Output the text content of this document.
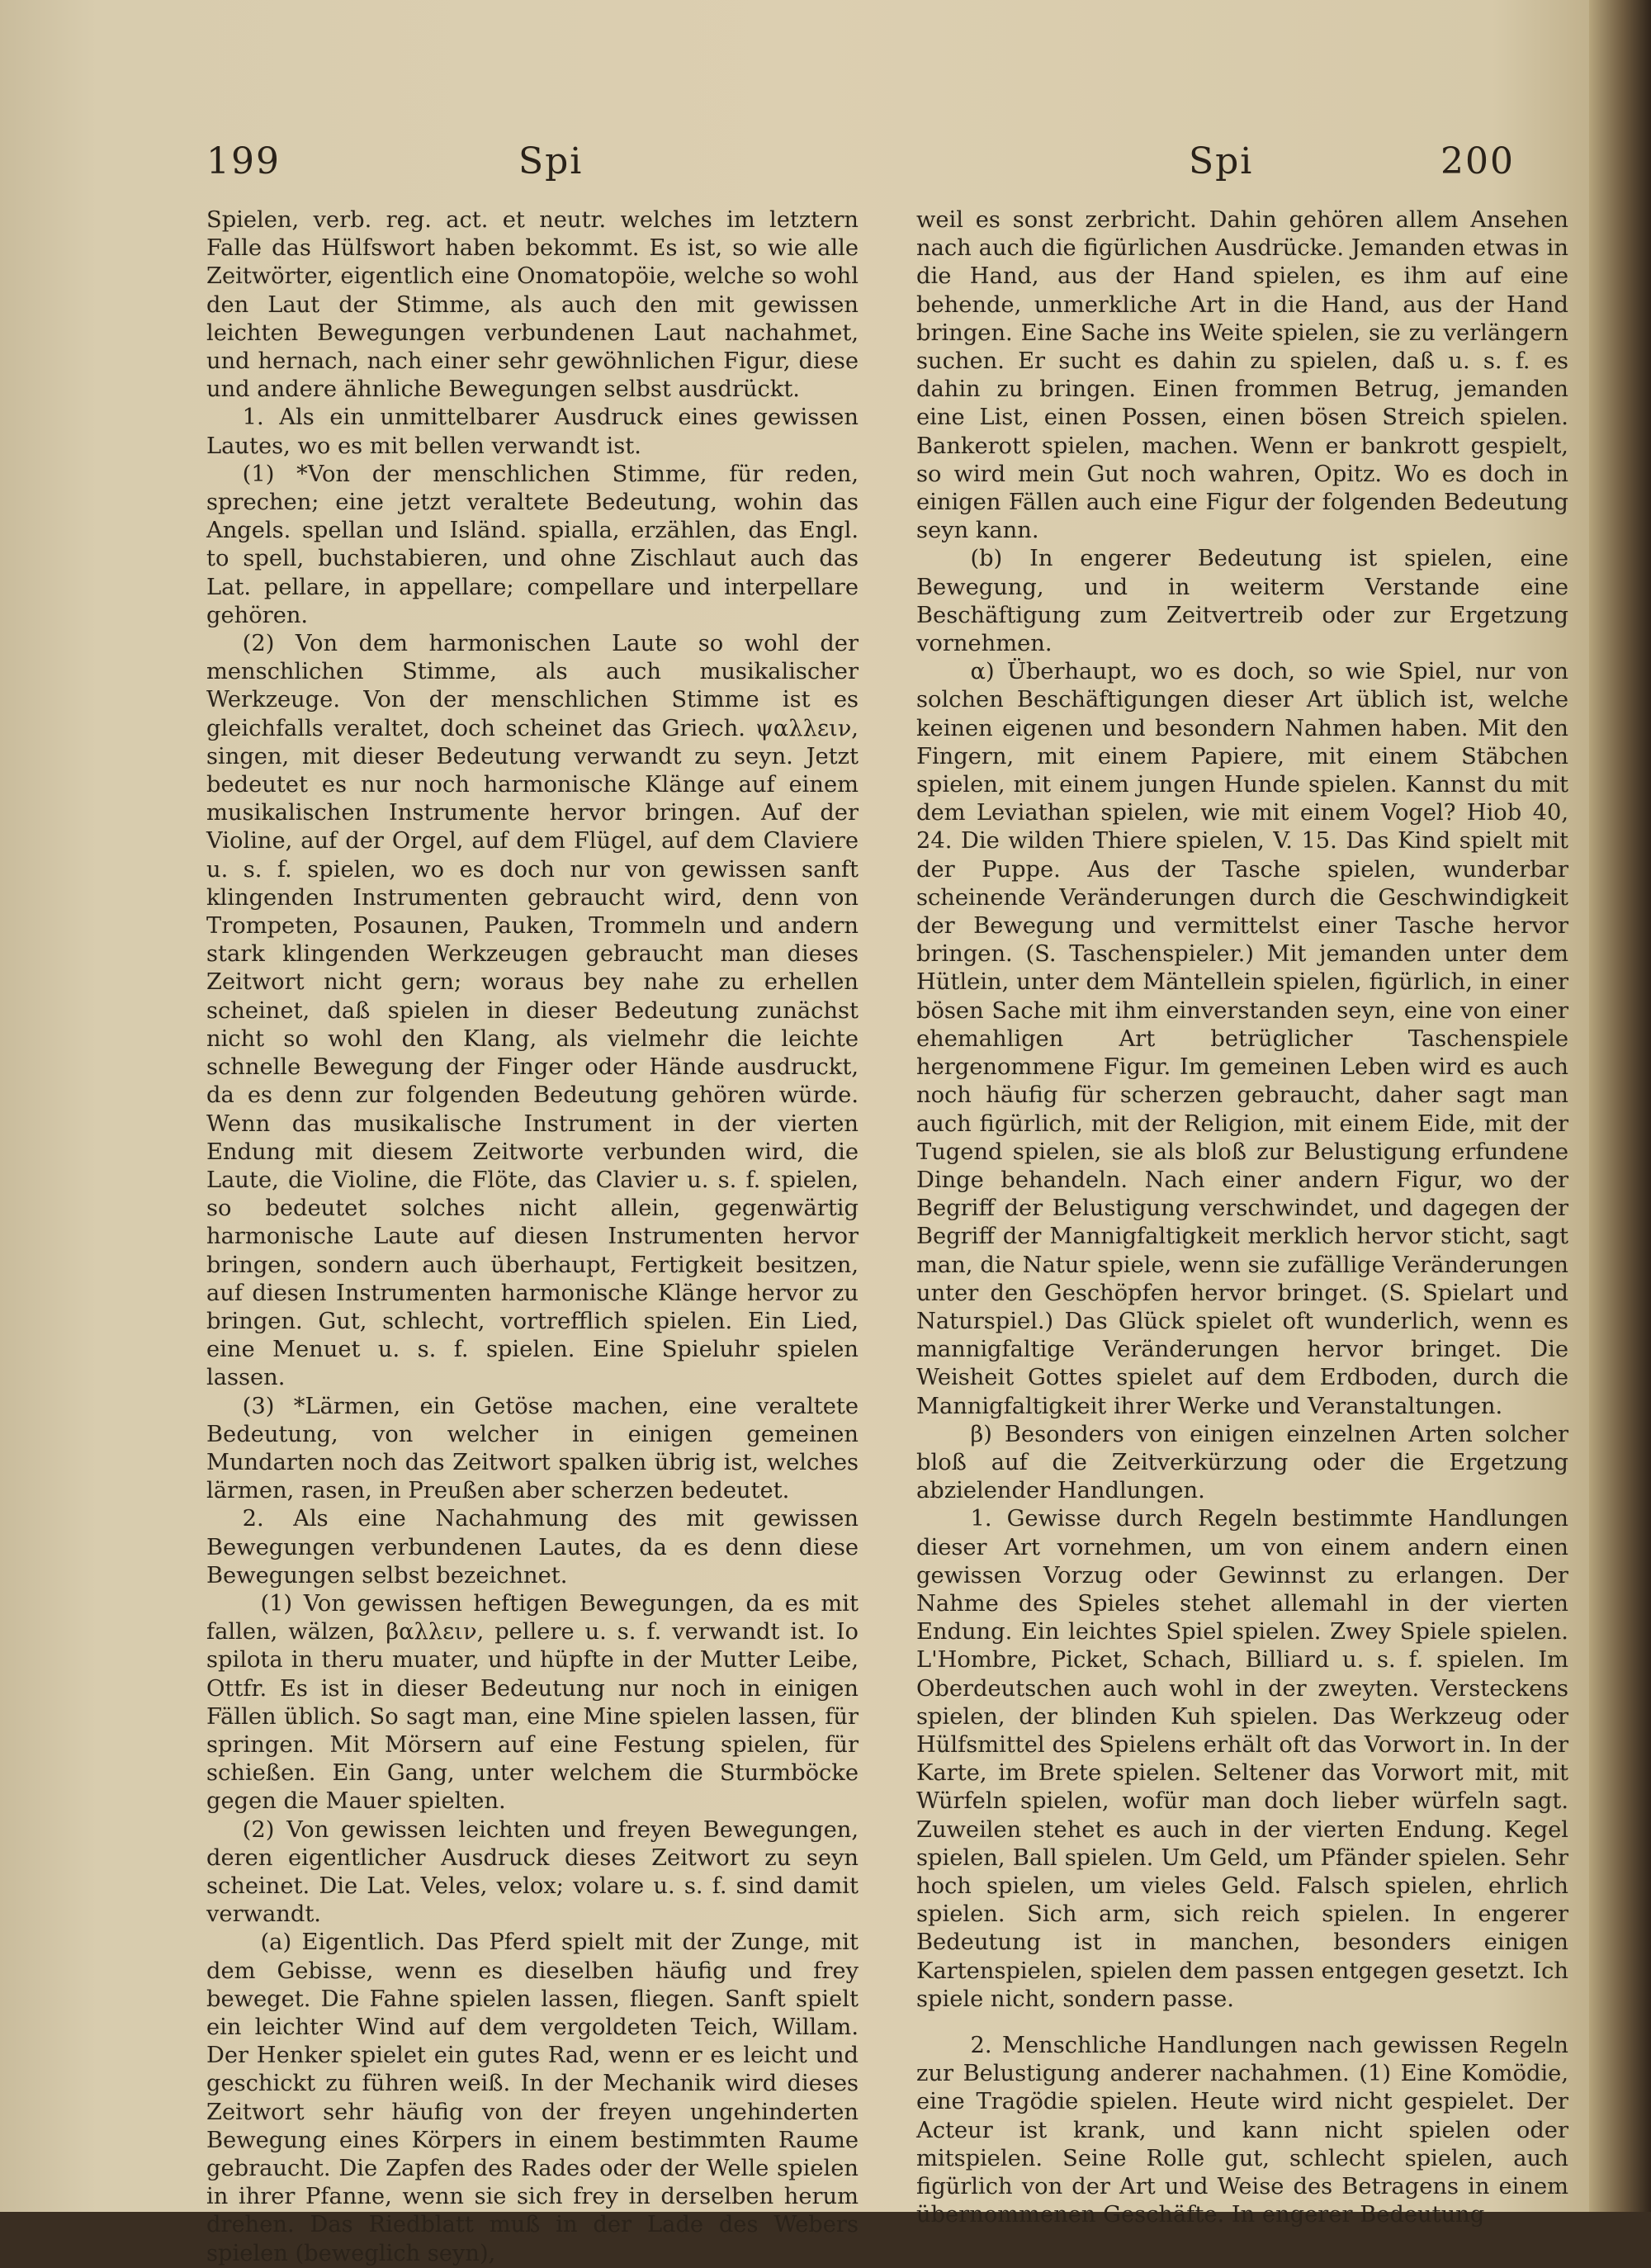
199	Spi	Spi	200

Spielen, verb. reg. act. et neutr. welches im letztern Falle das Hülfswort haben bekommt. Es ist, so wie alle Zeitwörter, eigentlich eine Onomatopöie, welche so wohl den Laut der Stimme, als auch den mit gewissen leichten Bewegungen verbundenen Laut nachahmet, und hernach, nach einer sehr gewöhnlichen Figur, diese und andere ähnliche Bewegungen selbst ausdrückt.

1. Als ein unmittelbarer Ausdruck eines gewissen Lautes, wo es mit bellen verwandt ist.

(1) *Von der menschlichen Stimme, für reden, sprechen; eine jetzt veraltete Bedeutung, wohin das Angels. spellan und Isländ. spialla, erzählen, das Engl. to spell, buchstabieren, und ohne Zischlaut auch das Lat. pellare, in appellare; compellare und interpellare gehören.

(2) Von dem harmonischen Laute so wohl der menschlichen Stimme, als auch musikalischer Werkzeuge. Von der menschlichen Stimme ist es gleichfalls veraltet, doch scheinet das Griech. ψαλλειν, singen, mit dieser Bedeutung verwandt zu seyn. Jetzt bedeutet es nur noch harmonische Klänge auf einem musikalischen Instrumente hervor bringen. Auf der Violine, auf der Orgel, auf dem Flügel, auf dem Claviere u. s. f. spielen, wo es doch nur von gewissen sanft klingenden Instrumenten gebraucht wird, denn von Trompeten, Posaunen, Pauken, Trommeln und andern stark klingenden Werkzeugen gebraucht man dieses Zeitwort nicht gern; woraus bey nahe zu erhellen scheinet, daß spielen in dieser Bedeutung zunächst nicht so wohl den Klang, als vielmehr die leichte schnelle Bewegung der Finger oder Hände ausdruckt, da es denn zur folgenden Bedeutung gehören würde. Wenn das musikalische Instrument in der vierten Endung mit diesem Zeitworte verbunden wird, die Laute, die Violine, die Flöte, das Clavier u. s. f. spielen, so bedeutet solches nicht allein, gegenwärtig harmonische Laute auf diesen Instrumenten hervor bringen, sondern auch überhaupt, Fertigkeit besitzen, auf diesen Instrumenten harmonische Klänge hervor zu bringen. Gut, schlecht, vortrefflich spielen. Ein Lied, eine Menuet u. s. f. spielen. Eine Spieluhr spielen lassen.

(3) *Lärmen, ein Getöse machen, eine veraltete Bedeutung, von welcher in einigen gemeinen Mundarten noch das Zeitwort spalken übrig ist, welches lärmen, rasen, in Preußen aber scherzen bedeutet.

2. Als eine Nachahmung des mit gewissen Bewegungen verbundenen Lautes, da es denn diese Bewegungen selbst bezeichnet.

(1) Von gewissen heftigen Bewegungen, da es mit fallen, wälzen, βαλλειν, pellere u. s. f. verwandt ist. Io spilota in theru muater, und hüpfte in der Mutter Leibe, Ottfr. Es ist in dieser Bedeutung nur noch in einigen Fällen üblich. So sagt man, eine Mine spielen lassen, für springen. Mit Mörsern auf eine Festung spielen, für schießen. Ein Gang, unter welchem die Sturmböcke gegen die Mauer spielten.

(2) Von gewissen leichten und freyen Bewegungen, deren eigentlicher Ausdruck dieses Zeitwort zu seyn scheinet. Die Lat. Veles, velox; volare u. s. f. sind damit verwandt.

(a) Eigentlich. Das Pferd spielt mit der Zunge, mit dem Gebisse, wenn es dieselben häufig und frey beweget. Die Fahne spielen lassen, fliegen. Sanft spielt ein leichter Wind auf dem vergoldeten Teich, Willam. Der Henker spielet ein gutes Rad, wenn er es leicht und geschickt zu führen weiß. In der Mechanik wird dieses Zeitwort sehr häufig von der freyen ungehinderten Bewegung eines Körpers in einem bestimmten Raume gebraucht. Die Zapfen des Rades oder der Welle spielen in ihrer Pfanne, wenn sie sich frey in derselben herum drehen. Das Riedblatt muß in der Lade des Webers spielen (beweglich seyn),

weil es sonst zerbricht. Dahin gehören allem Ansehen nach auch die figürlichen Ausdrücke. Jemanden etwas in die Hand, aus der Hand spielen, es ihm auf eine behende, unmerkliche Art in die Hand, aus der Hand bringen. Eine Sache ins Weite spielen, sie zu verlängern suchen. Er sucht es dahin zu spielen, daß u. s. f. es dahin zu bringen. Einen frommen Betrug, jemanden eine List, einen Possen, einen bösen Streich spielen. Bankerott spielen, machen. Wenn er bankrott gespielt, so wird mein Gut noch wahren, Opitz. Wo es doch in einigen Fällen auch eine Figur der folgenden Bedeutung seyn kann.

(b) In engerer Bedeutung ist spielen, eine Bewegung, und in weiterm Verstande eine Beschäftigung zum Zeitvertreib oder zur Ergetzung vornehmen.

α) Überhaupt, wo es doch, so wie Spiel, nur von solchen Beschäftigungen dieser Art üblich ist, welche keinen eigenen und besondern Nahmen haben. Mit den Fingern, mit einem Papiere, mit einem Stäbchen spielen, mit einem jungen Hunde spielen. Kannst du mit dem Leviathan spielen, wie mit einem Vogel? Hiob 40, 24. Die wilden Thiere spielen, V. 15. Das Kind spielt mit der Puppe. Aus der Tasche spielen, wunderbar scheinende Veränderungen durch die Geschwindigkeit der Bewegung und vermittelst einer Tasche hervor bringen. (S. Taschenspieler.) Mit jemanden unter dem Hütlein, unter dem Mäntellein spielen, figürlich, in einer bösen Sache mit ihm einverstanden seyn, eine von einer ehemahligen Art betrüglicher Taschenspiele hergenommene Figur. Im gemeinen Leben wird es auch noch häufig für scherzen gebraucht, daher sagt man auch figürlich, mit der Religion, mit einem Eide, mit der Tugend spielen, sie als bloß zur Belustigung erfundene Dinge behandeln. Nach einer andern Figur, wo der Begriff der Belustigung verschwindet, und dagegen der Begriff der Mannigfaltigkeit merklich hervor sticht, sagt man, die Natur spiele, wenn sie zufällige Veränderungen unter den Geschöpfen hervor bringet. (S. Spielart und Naturspiel.) Das Glück spielet oft wunderlich, wenn es mannigfaltige Veränderungen hervor bringet. Die Weisheit Gottes spielet auf dem Erdboden, durch die Mannigfaltigkeit ihrer Werke und Veranstaltungen.

β) Besonders von einigen einzelnen Arten solcher bloß auf die Zeitverkürzung oder die Ergetzung abzielender Handlungen.

1. Gewisse durch Regeln bestimmte Handlungen dieser Art vornehmen, um von einem andern einen gewissen Vorzug oder Gewinnst zu erlangen. Der Nahme des Spieles stehet allemahl in der vierten Endung. Ein leichtes Spiel spielen. Zwey Spiele spielen. L'Hombre, Picket, Schach, Billiard u. s. f. spielen. Im Oberdeutschen auch wohl in der zweyten. Versteckens spielen, der blinden Kuh spielen. Das Werkzeug oder Hülfsmittel des Spielens erhält oft das Vorwort in. In der Karte, im Brete spielen. Seltener das Vorwort mit, mit Würfeln spielen, wofür man doch lieber würfeln sagt. Zuweilen stehet es auch in der vierten Endung. Kegel spielen, Ball spielen. Um Geld, um Pfänder spielen. Sehr hoch spielen, um vieles Geld. Falsch spielen, ehrlich spielen. Sich arm, sich reich spielen. In engerer Bedeutung ist in manchen, besonders einigen Kartenspielen, spielen dem passen entgegen gesetzt. Ich spiele nicht, sondern passe.

2. Menschliche Handlungen nach gewissen Regeln zur Belustigung anderer nachahmen. (1) Eine Komödie, eine Tragödie spielen. Heute wird nicht gespielet. Der Acteur ist krank, und kann nicht spielen oder mitspielen. Seine Rolle gut, schlecht spielen, auch figürlich von der Art und Weise des Betragens in einem übernommenen Geschäfte. In engerer Bedeutung
